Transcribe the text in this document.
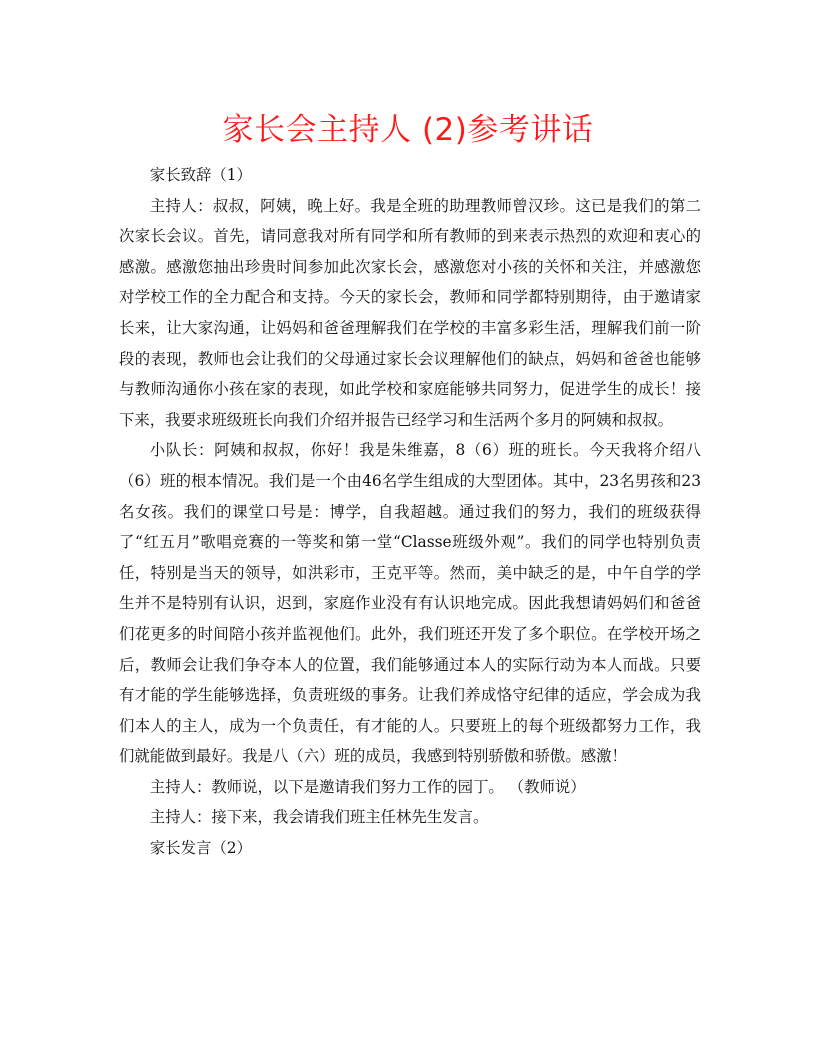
家长会主持人 (2)参考讲话

家长致辞（1）

主持人：叔叔，阿姨，晚上好。我是全班的助理教师曾汉珍。这已是我们的第二次家长会议。首先，请同意我对所有同学和所有教师的到来表示热烈的欢迎和衷心的感激。感激您抽出珍贵时间参加此次家长会，感激您对小孩的关怀和关注，并感激您对学校工作的全力配合和支持。今天的家长会，教师和同学都特别期待，由于邀请家长来，让大家沟通，让妈妈和爸爸理解我们在学校的丰富多彩生活，理解我们前一阶段的表现，教师也会让我们的父母通过家长会议理解他们的缺点，妈妈和爸爸也能够与教师沟通你小孩在家的表现，如此学校和家庭能够共同努力，促进学生的成长！接下来，我要求班级班长向我们介绍并报告已经学习和生活两个多月的阿姨和叔叔。

小队长：阿姨和叔叔，你好！我是朱维嘉，8（6）班的班长。今天我将介绍八（6）班的根本情况。我们是一个由46名学生组成的大型团体。其中，23名男孩和23名女孩。我们的课堂口号是：博学，自我超越。通过我们的努力，我们的班级获得了“红五月”歌唱竞赛的一等奖和第一堂“Classe班级外观”。我们的同学也特别负责任，特别是当天的领导，如洪彩市，王克平等。然而，美中缺乏的是，中午自学的学生并不是特别有认识，迟到，家庭作业没有有认识地完成。因此我想请妈妈们和爸爸们花更多的时间陪小孩并监视他们。此外，我们班还开发了多个职位。在学校开场之后，教师会让我们争夺本人的位置，我们能够通过本人的实际行动为本人而战。只要有才能的学生能够选择，负责班级的事务。让我们养成恪守纪律的适应，学会成为我们本人的主人，成为一个负责任，有才能的人。只要班上的每个班级都努力工作，我们就能做到最好。我是八（六）班的成员，我感到特别骄傲和骄傲。感激！

主持人：教师说，以下是邀请我们努力工作的园丁。 （教师说）

主持人：接下来，我会请我们班主任林先生发言。

家长发言（2）
